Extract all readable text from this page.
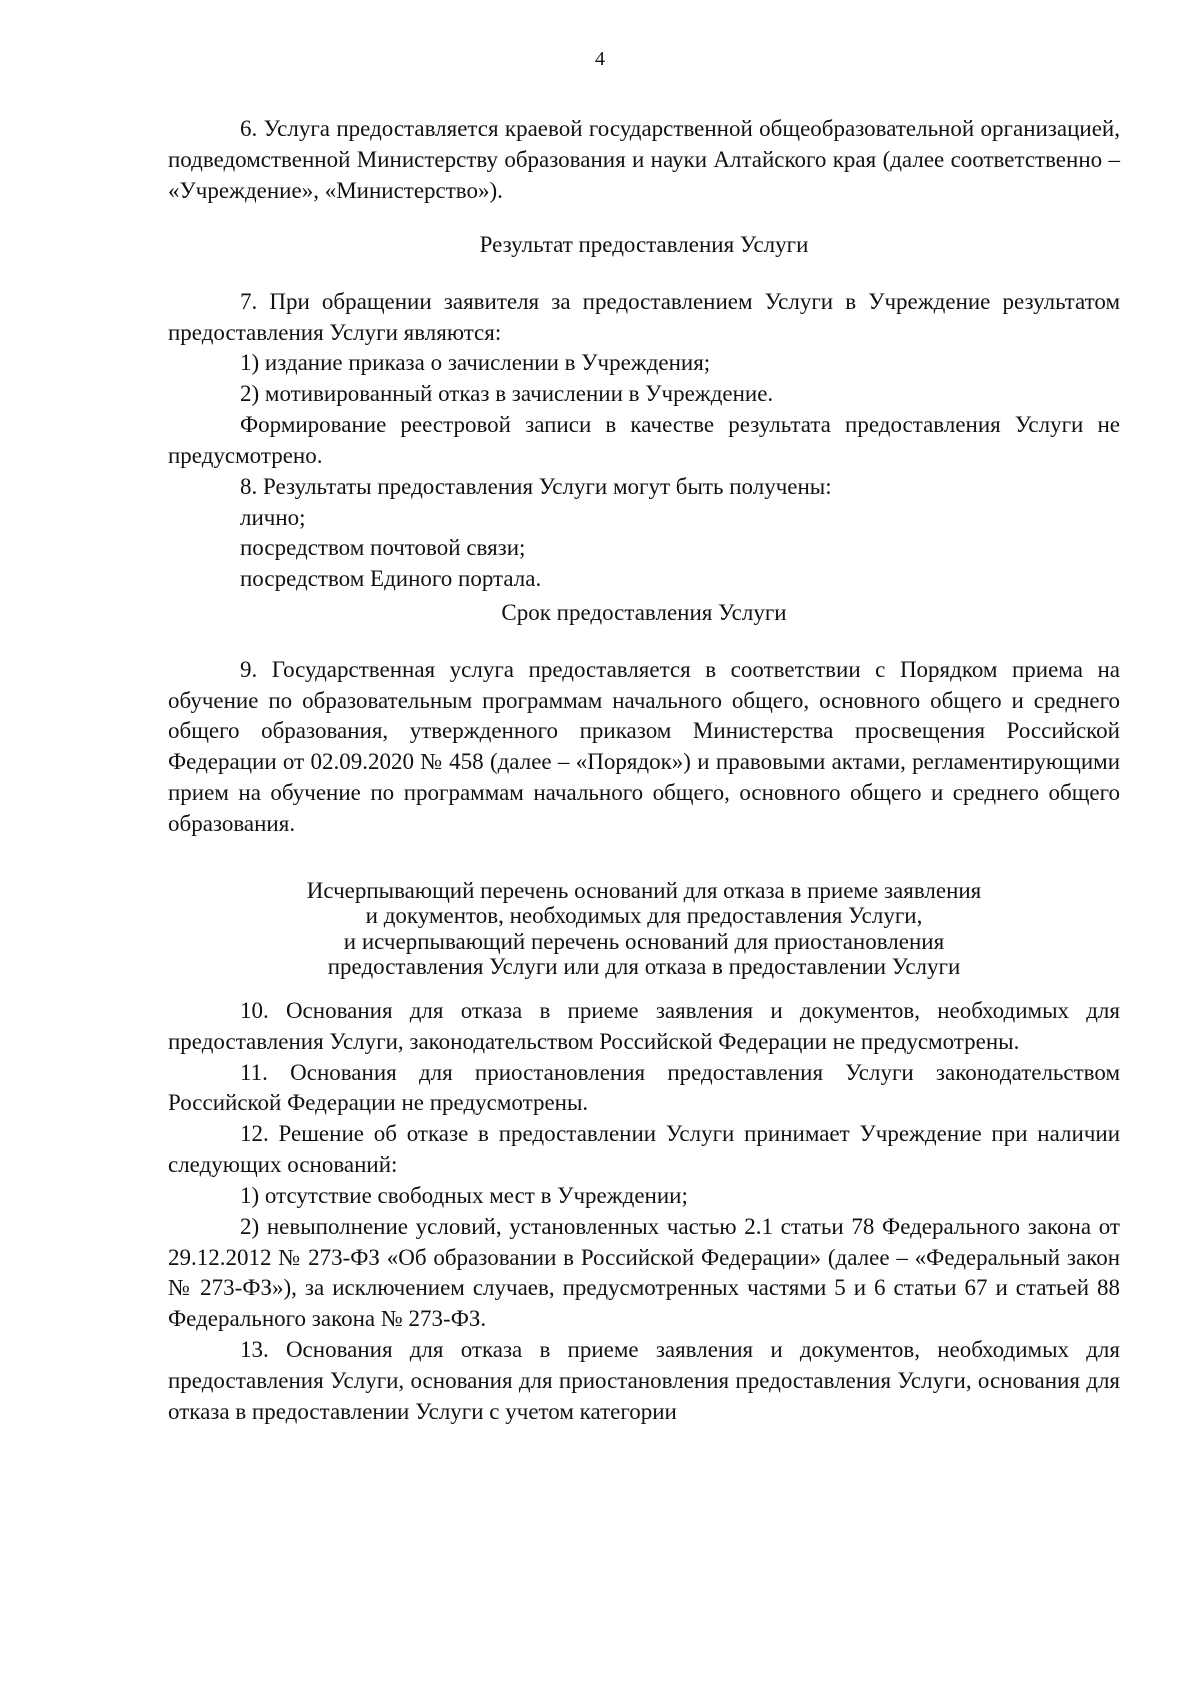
4

6. Услуга предоставляется краевой государственной общеобразовательной организацией, подведомственной Министерству образования и науки Алтайского края (далее соответственно – «Учреждение», «Министерство»).

Результат предоставления Услуги

7. При обращении заявителя за предоставлением Услуги в Учреждение результатом предоставления Услуги являются:

1) издание приказа о зачислении в Учреждения;

2) мотивированный отказ в зачислении в Учреждение.

Формирование реестровой записи в качестве результата предоставления Услуги не предусмотрено.

8. Результаты предоставления Услуги могут быть получены:

лично;

посредством почтовой связи;

посредством Единого портала.

Срок предоставления Услуги

9. Государственная услуга предоставляется в соответствии с Порядком приема на обучение по образовательным программам начального общего, основного общего и среднего общего образования, утвержденного приказом Министерства просвещения Российской Федерации от 02.09.2020 № 458 (далее – «Порядок») и правовыми актами, регламентирующими прием на обучение по программам начального общего, основного общего и среднего общего образования.

Исчерпывающий перечень оснований для отказа в приеме заявления

и документов, необходимых для предоставления Услуги,

и исчерпывающий перечень оснований для приостановления

предоставления Услуги или для отказа в предоставлении Услуги

10. Основания для отказа в приеме заявления и документов, необходимых для предоставления Услуги, законодательством Российской Федерации не предусмотрены.

11. Основания для приостановления предоставления Услуги законодательством Российской Федерации не предусмотрены.

12. Решение об отказе в предоставлении Услуги принимает Учреждение при наличии следующих оснований:

1) отсутствие свободных мест в Учреждении;

2) невыполнение условий, установленных частью 2.1 статьи 78 Федерального закона от 29.12.2012 № 273-ФЗ «Об образовании в Российской Федерации» (далее – «Федеральный закон № 273-ФЗ»), за исключением случаев, предусмотренных частями 5 и 6 статьи 67 и статьей 88 Федерального закона № 273-ФЗ.

13. Основания для отказа в приеме заявления и документов, необходимых для предоставления Услуги, основания для приостановления предоставления Услуги, основания для отказа в предоставлении Услуги с учетом категории
